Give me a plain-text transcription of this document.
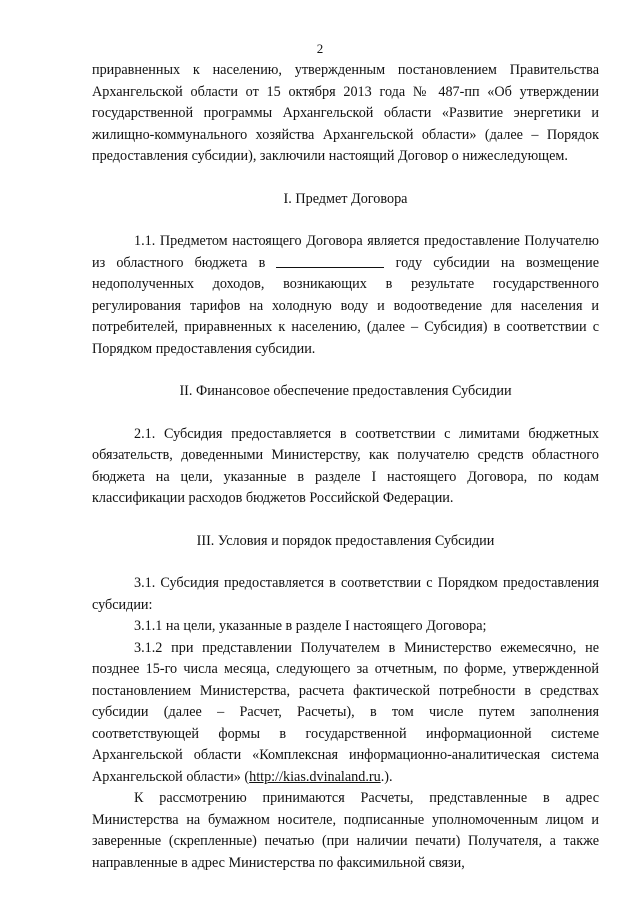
2

приравненных к населению, утвержденным постановлением Правительства Архангельской области от 15 октября 2013 года № 487-пп «Об утверждении государственной программы Архангельской области «Развитие энергетики и жилищно-коммунального хозяйства Архангельской области» (далее – Порядок предоставления субсидии), заключили настоящий Договор о нижеследующем.

I. Предмет Договора

1.1. Предметом настоящего Договора является предоставление Получателю из областного бюджета в	году субсидии на возмещение недополученных доходов, возникающих в результате государственного регулирования тарифов на холодную воду и водоотведение для населения и потребителей, приравненных к населению, (далее – Субсидия) в соответствии с Порядком предоставления субсидии.

II. Финансовое обеспечение предоставления Субсидии

2.1. Субсидия предоставляется в соответствии с лимитами бюджетных обязательств, доведенными Министерству, как получателю средств областного бюджета на цели, указанные в разделе I настоящего Договора, по кодам классификации расходов бюджетов Российской Федерации.

III. Условия и порядок предоставления Субсидии

3.1. Субсидия предоставляется в соответствии с Порядком предоставления субсидии:

3.1.1 на цели, указанные в разделе I настоящего Договора;

3.1.2 при представлении Получателем в Министерство ежемесячно, не позднее 15-го числа месяца, следующего за отчетным, по форме, утвержденной постановлением Министерства, расчета фактической потребности в средствах субсидии (далее – Расчет, Расчеты), в том числе путем заполнения соответствующей формы в государственной информационной системе Архангельской области «Комплексная информационно-аналитическая система Архангельской области» (http://kias.dvinaland.ru.).

К рассмотрению принимаются Расчеты, представленные в адрес Министерства на бумажном носителе, подписанные уполномоченным лицом и заверенные (скрепленные) печатью (при наличии печати) Получателя, а также направленные в адрес Министерства по факсимильной связи,
